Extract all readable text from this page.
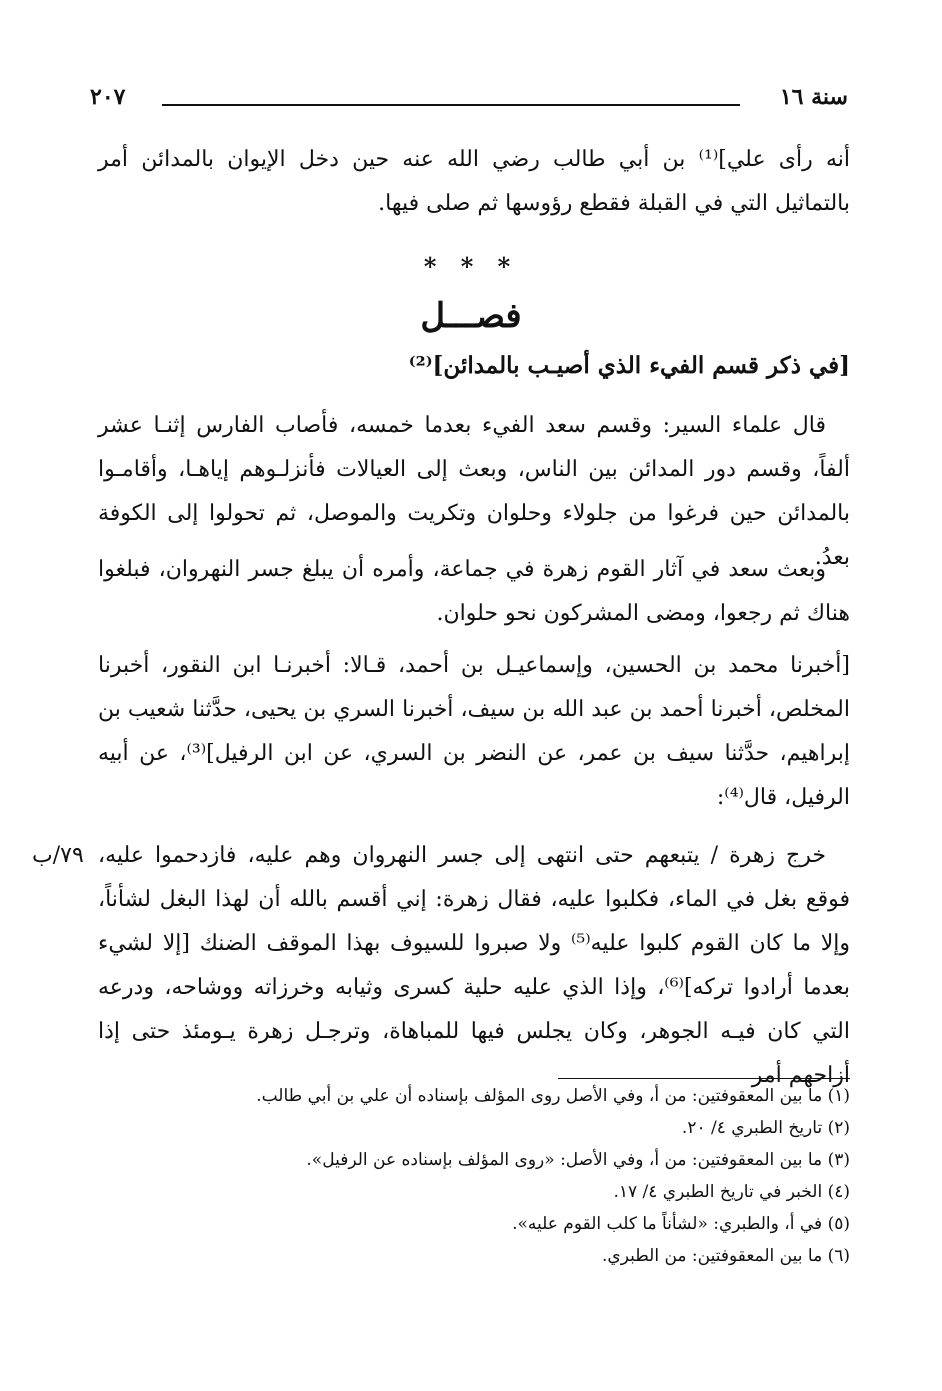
سنة ١٦
٢٠٧

أنه رأى علي]⁽¹⁾ بن أبي طالب رضي الله عنه حين دخل الإيوان بالمدائن أمر بالتماثيل التي في القبلة فقطع رؤوسها ثم صلى فيها.

* * *
فصـــل
[في ذكر قسم الفيء الذي أصيـب بالمدائن]⁽²⁾

قال علماء السير: وقسم سعد الفيء بعدما خمسه، فأصاب الفارس إثنـا عشر ألفاً، وقسم دور المدائن بين الناس، وبعث إلى العيالات فأنزلـوهم إياهـا، وأقامـوا بالمدائن حين فرغوا من جلولاء وحلوان وتكريت والموصل، ثم تحولوا إلى الكوفة بعدُ.

وبعث سعد في آثار القوم زهرة في جماعة، وأمره أن يبلغ جسر النهروان، فبلغوا هناك ثم رجعوا، ومضى المشركون نحو حلوان.

[أخبرنا محمد بن الحسين، وإسماعيـل بن أحمد، قـالا: أخبرنـا ابن النقور، أخبرنا المخلص، أخبرنا أحمد بن عبد الله بن سيف، أخبرنا السري بن يحيى، حدَّثنا شعيب بن إبراهيم، حدَّثنا سيف بن عمر، عن النضر بن السري، عن ابن الرفيل]⁽³⁾، عن أبيه الرفيل، قال⁽⁴⁾:

٧٩/ب خرج زهرة / يتبعهم حتى انتهى إلى جسر النهروان وهم عليه، فازدحموا عليه، فوقع بغل في الماء، فكلبوا عليه، فقال زهرة: إني أقسم بالله أن لهذا البغل لشأناً، وإلا ما كان القوم كلبوا عليه⁽⁵⁾ ولا صبروا للسيوف بهذا الموقف الضنك [إلا لشيء بعدما أرادوا تركه]⁽⁶⁾، وإذا الذي عليه حلية كسرى وثيابه وخرزاته ووشاحه، ودرعه التي كان فيـه الجوهر، وكان يجلس فيها للمباهاة، وترجـل زهرة يـومئذ حتى إذا أزاحهم أمر

(١) ما بين المعقوفتين: من أ، وفي الأصل روى المؤلف بإسناده أن علي بن أبي طالب.
(٢) تاريخ الطبري ٤/ ٢٠.
(٣) ما بين المعقوفتين: من أ، وفي الأصل: «روى المؤلف بإسناده عن الرفيل».
(٤) الخبر في تاريخ الطبري ٤/ ١٧.
(٥) في أ، والطبري: «لشأناً ما كلب القوم عليه».
(٦) ما بين المعقوفتين: من الطبري.
